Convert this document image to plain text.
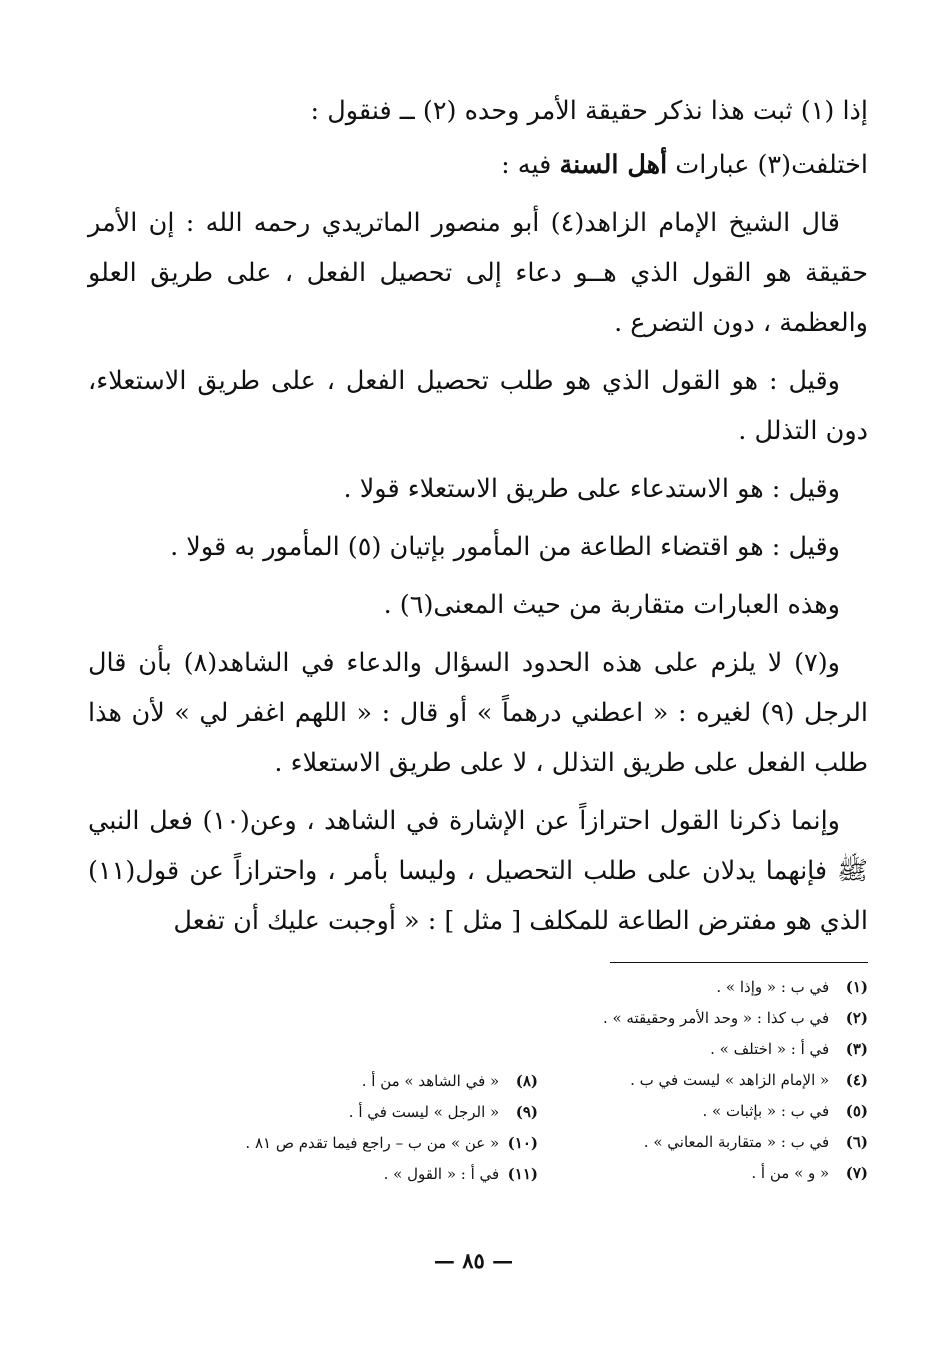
إذا (١) ثبت هذا نذكر حقيقة الأمر وحده (٢) ــ فنقول :

اختلفت(٣) عبارات أهل السنة فيه :

قال الشيخ الإمام الزاهد(٤) أبو منصور الماتريدي رحمه الله : إن الأمر حقيقة هو القول الذي هــو دعاء إلى تحصيل الفعل ، على طريق العلو والعظمة ، دون التضرع .

وقيل : هو القول الذي هو طلب تحصيل الفعل ، على طريق الاستعلاء، دون التذلل .

وقيل : هو الاستدعاء على طريق الاستعلاء قولا .

وقيل : هو اقتضاء الطاعة من المأمور بإتيان (٥) المأمور به قولا .

وهذه العبارات متقاربة من حيث المعنى(٦) .

و(٧) لا يلزم على هذه الحدود السؤال والدعاء في الشاهد(٨) بأن قال الرجل (٩) لغيره : « اعطني درهماً » أو قال : « اللهم اغفر لي » لأن هذا طلب الفعل على طريق التذلل ، لا على طريق الاستعلاء .

وإنما ذكرنا القول احترازاً عن الإشارة في الشاهد ، وعن(١٠) فعل النبي ﷺ فإنهما يدلان على طلب التحصيل ، وليسا بأمر ، واحترازاً عن قول(١١) الذي هو مفترض الطاعة للمكلف [ مثل ] : « أوجبت عليك أن تفعل

(١) في ب : « وإذا » .
(٢) في ب كذا : « وحد الأمر وحقيقته » .
(٣) في أ : « اختلف » .
(٤) « الإمام الزاهد » ليست في ب .
(٥) في ب : « بإثبات » .
(٦) في ب : « متقاربة المعاني » .
(٧) « و » من أ .
(٨) « في الشاهد » من أ .
(٩) « الرجل » ليست في أ .
(١٠) « عن » من ب – راجع فيما تقدم ص ٨١ .
(١١) في أ : « القول » .
— ٨٥ —
